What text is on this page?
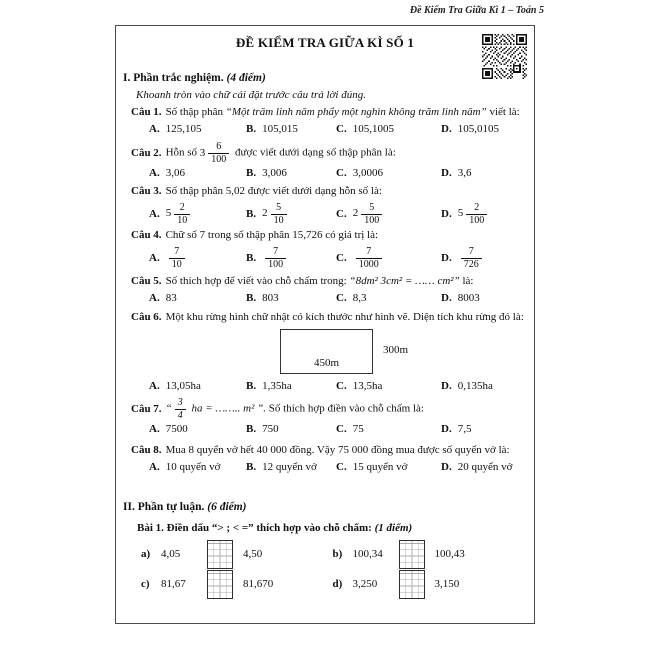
Đề Kiểm Tra Giữa Kì 1 – Toán 5
ĐỀ KIỂM TRA GIỮA KÌ SỐ 1
I. Phần trắc nghiệm. (4 điểm)
Khoanh tròn vào chữ cái đặt trước câu trả lời đúng.
Câu 1. Số thập phân “Một trăm linh năm phẩy một nghìn không trăm linh năm” viết là:
A. 125,105	B. 105,015	C. 105,1005	D. 105,0105
Câu 2. Hỗn số $3 \frac{6}{100}$ được viết dưới dạng số thập phân là:
A. 3,06	B. 3,006	C. 3,0006	D. 3,6
Câu 3. Số thập phân 5,02 được viết dưới dạng hỗn số là:
A. $5 \frac{2}{10}$	B. $2 \frac{5}{10}$	C. $2 \frac{5}{100}$	D. $5 \frac{2}{100}$
Câu 4. Chữ số 7 trong số thập phân 15,726 có giá trị là:
A. $\frac{7}{10}$	B. $\frac{7}{100}$	C. $\frac{7}{1000}$	D. $\frac{7}{726}$
Câu 5. Số thích hợp để viết vào chỗ chấm trong: “8dm² 3cm² = …… cm²” là:
A. 83	B. 803	C. 8,3	D. 8003
Câu 6. Một khu rừng hình chữ nhật có kích thước như hình vẽ. Diện tích khu rừng đó là:
450m
300m
A. 13,05ha	B. 1,35ha	C. 13,5ha	D. 0,135ha
Câu 7. “ $\frac{3}{4}$ ha = …….. m² ”. Số thích hợp điền vào chỗ chấm là:
A. 7500	B. 750	C. 75	D. 7,5
Câu 8. Mua 8 quyển vở hết 40 000 đồng. Vậy 75 000 đồng mua được số quyển vở là:
A. 10 quyển vở	B. 12 quyển vở	C. 15 quyển vở	D. 20 quyển vở
II. Phần tự luận. (6 điểm)
Bài 1. Điền dấu “> ; < =” thích hợp vào chỗ chấm: (1 điểm)
a) 4,05	4,50	b) 100,34	100,43
c)	81,67	81,670	d) 3,250	3,150
